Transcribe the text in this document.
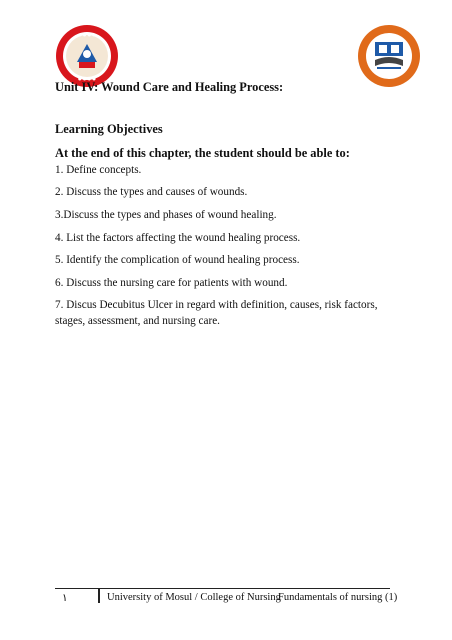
● ● ● ●
● ● ● ●

Unit IV: Wound Care and Healing Process:

Learning Objectives

At the end of this chapter, the student should be able to:

1. Define concepts.

2. Discuss the types and causes of wounds.

3.Discuss the types and phases of wound healing.

4. List the factors affecting the wound healing process.

5. Identify the complication of wound healing process.

6. Discuss the nursing care for patients with wound.

7. Discus Decubitus Ulcer in regard with definition, causes, risk factors, stages, assessment, and nursing care.

١	University of Mosul / College of Nursing
Fundamentals of nursing (1)
